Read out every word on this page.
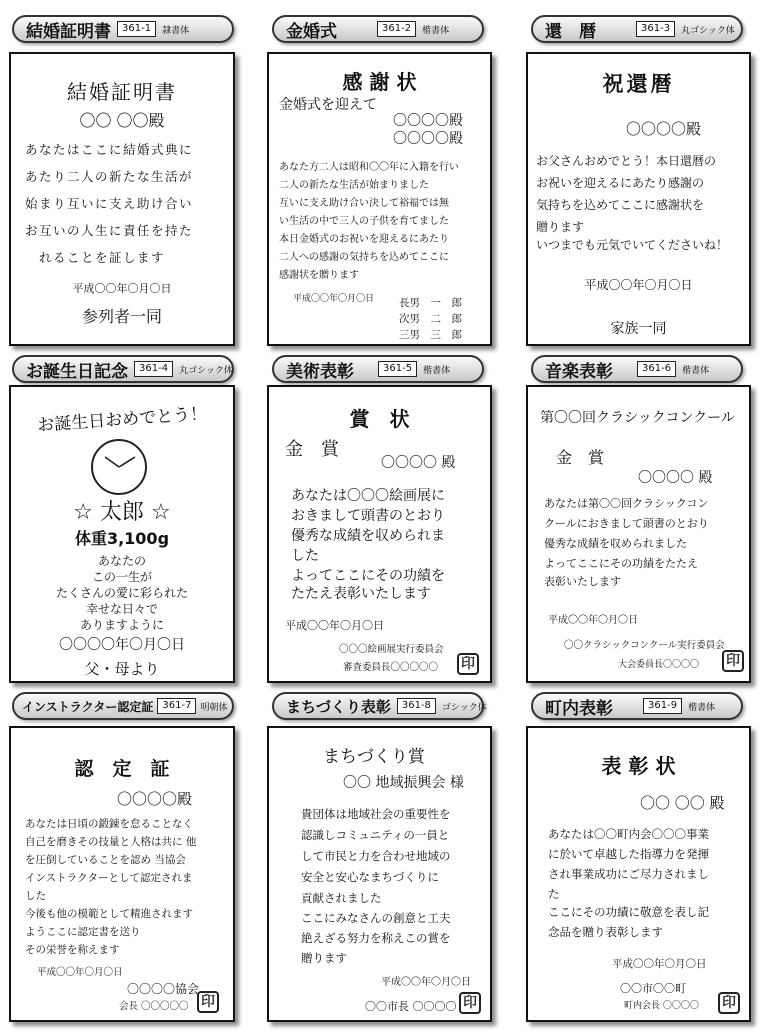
結婚証明書	361-1	隷書体
結婚証明書
〇〇 〇〇殿
あなたはここに結婚式典に
あたり二人の新たな生活が
始まり互いに支え助け合い
お互いの人生に責任を持た
れることを証します
平成〇〇年〇月〇日
参列者一同
金婚式	361-2	楷書体
感 謝 状
金婚式を迎えて
〇〇〇〇殿
〇〇〇〇殿
あなた方二人は昭和〇〇年に入籍を行い
二人の新たな生活が始まりました
互いに支え助け合い決して裕福では無
い生活の中で三人の子供を育てました
本日金婚式のお祝いを迎えるにあたり
二人への感謝の気持ちを込めてここに
感謝状を贈ります
平成〇〇年〇月〇日 長男　一　郎
次男　二　郎
三男　三　郎
還　暦	361-3	丸ゴシック体
祝還暦
〇〇〇〇殿
お父さんおめでとう！本日還暦の
お祝いを迎えるにあたり感謝の
気持ちを込めてここに感謝状を
贈ります
いつまでも元気でいてくださいね！
平成〇〇年〇月〇日
家族一同
お誕生日記念	361-4	丸ゴシック体
お誕生日おめでとう！
☆ 太郎 ☆
体重3,100g
あなたの
この一生が
たくさんの愛に彩られた
幸せな日々で
ありますように
〇〇〇〇年〇月〇日
父・母より
美術表彰	361-5	楷書体
賞　状
金　賞
〇〇〇〇 殿
あなたは〇〇〇絵画展に
おきまして頭書のとおり
優秀な成績を収められま
した
よってここにその功績を
たたえ表彰いたします
平成〇〇年〇月〇日
〇〇〇絵画展実行委員会
審査委員長〇〇〇〇〇 印
音楽表彰	361-6	楷書体
第〇〇回クラシックコンクール
金　賞
〇〇〇〇 殿
あなたは第〇〇回クラシックコン
クールにおきまして頭書のとおり
優秀な成績を収められました
よってここにその功績をたたえ
表彰いたします
平成〇〇年〇月〇日
〇〇クラシックコンクール実行委員会
大会委員長〇〇〇〇 印
インストラクター認定証 361-7	明朝体
認　定　証
〇〇〇〇殿
あなたは日頃の鍛錬を怠ることなく
自己を磨きその技量と人格は共に 他
を圧倒していることを認め 当協会
インストラクターとして認定されま
した
今後も他の模範として精進されます
ようここに認定書を送り
その栄誉を称えます
平成〇〇年〇月〇日
〇〇〇〇協会
会長 〇〇〇〇〇 印
まちづくり表彰	361-8	ゴシック体
まちづくり賞
〇〇 地域振興会 様
貴団体は地域社会の重要性を
認識しコミュニティの一員と
して市民と力を合わせ地域の
安全と安心なまちづくりに
貢献されました
ここにみなさんの創意と工夫
絶えざる努力を称えこの賞を
贈ります
平成〇〇年〇月〇日
〇〇市長 〇〇〇〇 印
町内表彰	361-9	楷書体
表 彰 状
〇〇 〇〇 殿
あなたは〇〇町内会〇〇〇事業
に於いて卓越した指導力を発揮
され事業成功にご尽力されまし
た
ここにその功績に敬意を表し記
念品を贈り表彰します
平成〇〇年〇月〇日
〇〇市〇〇町
町内会長 〇〇〇〇 印
